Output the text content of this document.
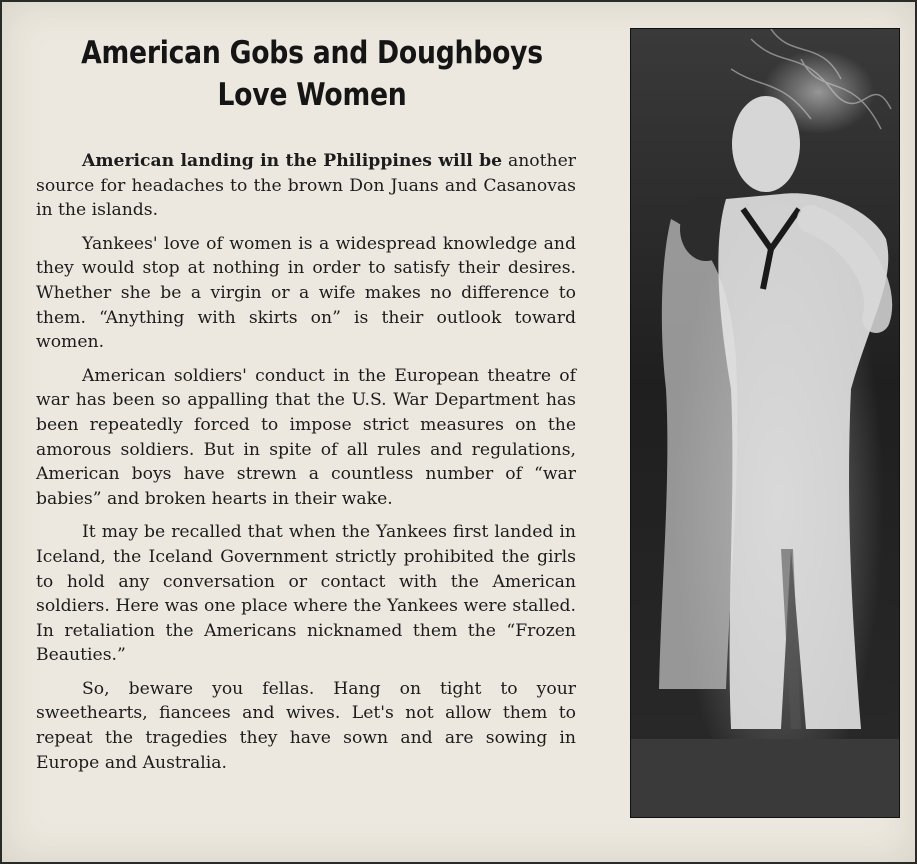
American Gobs and Doughboys
Love Women

American landing in the Philippines will be another source for headaches to the brown Don Juans and Casanovas in the islands.

Yankees' love of women is a widespread knowledge and they would stop at nothing in order to satisfy their desires. Whether she be a virgin or a wife makes no difference to them. “Anything with skirts on” is their outlook toward women.

American soldiers' conduct in the European theatre of war has been so appalling that the U.S. War Department has been repeatedly forced to impose strict measures on the amorous soldiers. But in spite of all rules and regulations, American boys have strewn a countless number of “war babies” and broken hearts in their wake.

It may be recalled that when the Yankees first landed in Iceland, the Iceland Government strictly prohibited the girls to hold any conversation or contact with the American soldiers. Here was one place where the Yankees were stalled. In retaliation the Americans nicknamed them the “Frozen Beauties.”

So, beware you fellas. Hang on tight to your sweethearts, fiancees and wives. Let's not allow them to repeat the tragedies they have sown and are sowing in Europe and Australia.
